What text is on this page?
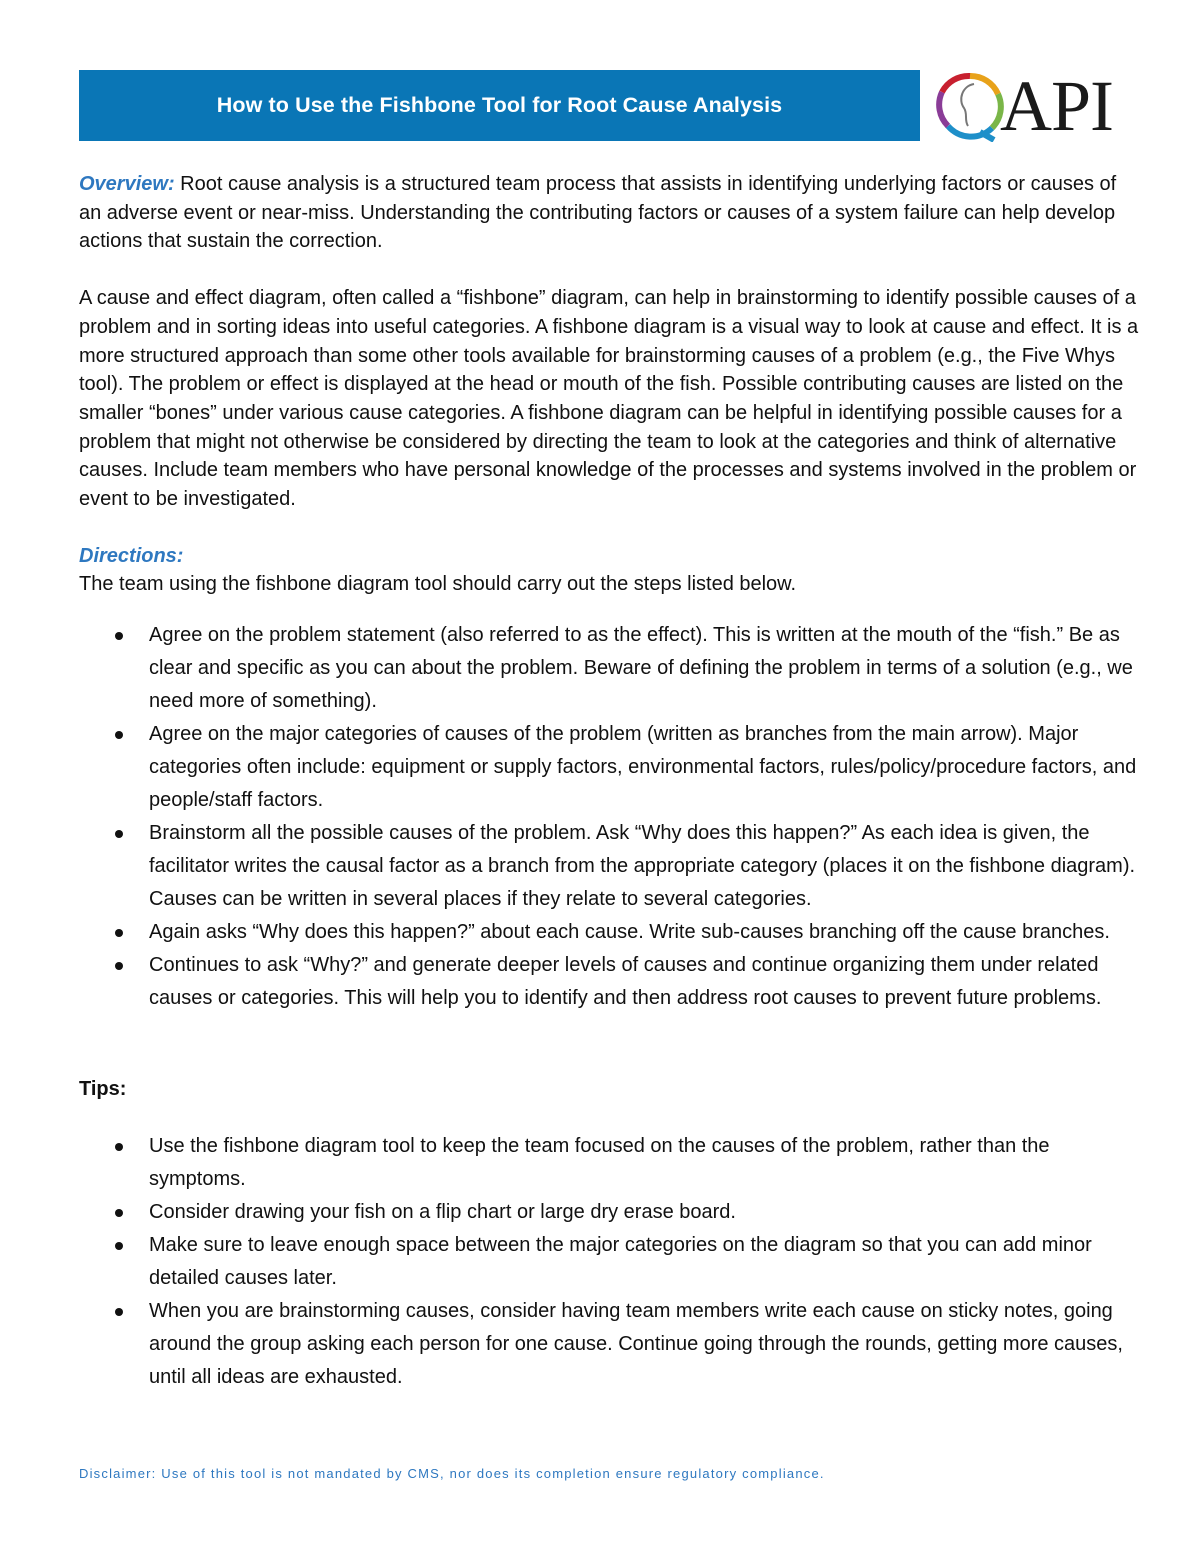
How to Use the Fishbone Tool for Root Cause Analysis	API

Overview: Root cause analysis is a structured team process that assists in identifying underlying factors or causes of an adverse event or near-miss. Understanding the contributing factors or causes of a system failure can help develop actions that sustain the correction.

A cause and effect diagram, often called a “fishbone” diagram, can help in brainstorming to identify possible causes of a problem and in sorting ideas into useful categories. A fishbone diagram is a visual way to look at cause and effect. It is a more structured approach than some other tools available for brainstorming causes of a problem (e.g., the Five Whys tool). The problem or effect is displayed at the head or mouth of the fish. Possible contributing causes are listed on the smaller “bones” under various cause categories. A fishbone diagram can be helpful in identifying possible causes for a problem that might not otherwise be considered by directing the team to look at the categories and think of alternative causes. Include team members who have personal knowledge of the processes and systems involved in the problem or event to be investigated.

Directions:

The team using the fishbone diagram tool should carry out the steps listed below.

Agree on the problem statement (also referred to as the effect). This is written at the mouth of the “fish.” Be as clear and specific as you can about the problem. Beware of defining the problem in terms of a solution (e.g., we need more of something).
Agree on the major categories of causes of the problem (written as branches from the main arrow). Major categories often include: equipment or supply factors, environmental factors, rules/policy/procedure factors, and people/staff factors.
Brainstorm all the possible causes of the problem. Ask “Why does this happen?” As each idea is given, the facilitator writes the causal factor as a branch from the appropriate category (places it on the fishbone diagram). Causes can be written in several places if they relate to several categories.
Again asks “Why does this happen?” about each cause. Write sub-causes branching off the cause branches.
Continues to ask “Why?” and generate deeper levels of causes and continue organizing them under related causes or categories. This will help you to identify and then address root causes to prevent future problems.

Tips:

Use the fishbone diagram tool to keep the team focused on the causes of the problem, rather than the symptoms.
Consider drawing your fish on a flip chart or large dry erase board.
Make sure to leave enough space between the major categories on the diagram so that you can add minor detailed causes later.
When you are brainstorming causes, consider having team members write each cause on sticky notes, going around the group asking each person for one cause. Continue going through the rounds, getting more causes, until all ideas are exhausted.
Disclaimer: Use of this tool is not mandated by CMS, nor does its completion ensure regulatory compliance.
